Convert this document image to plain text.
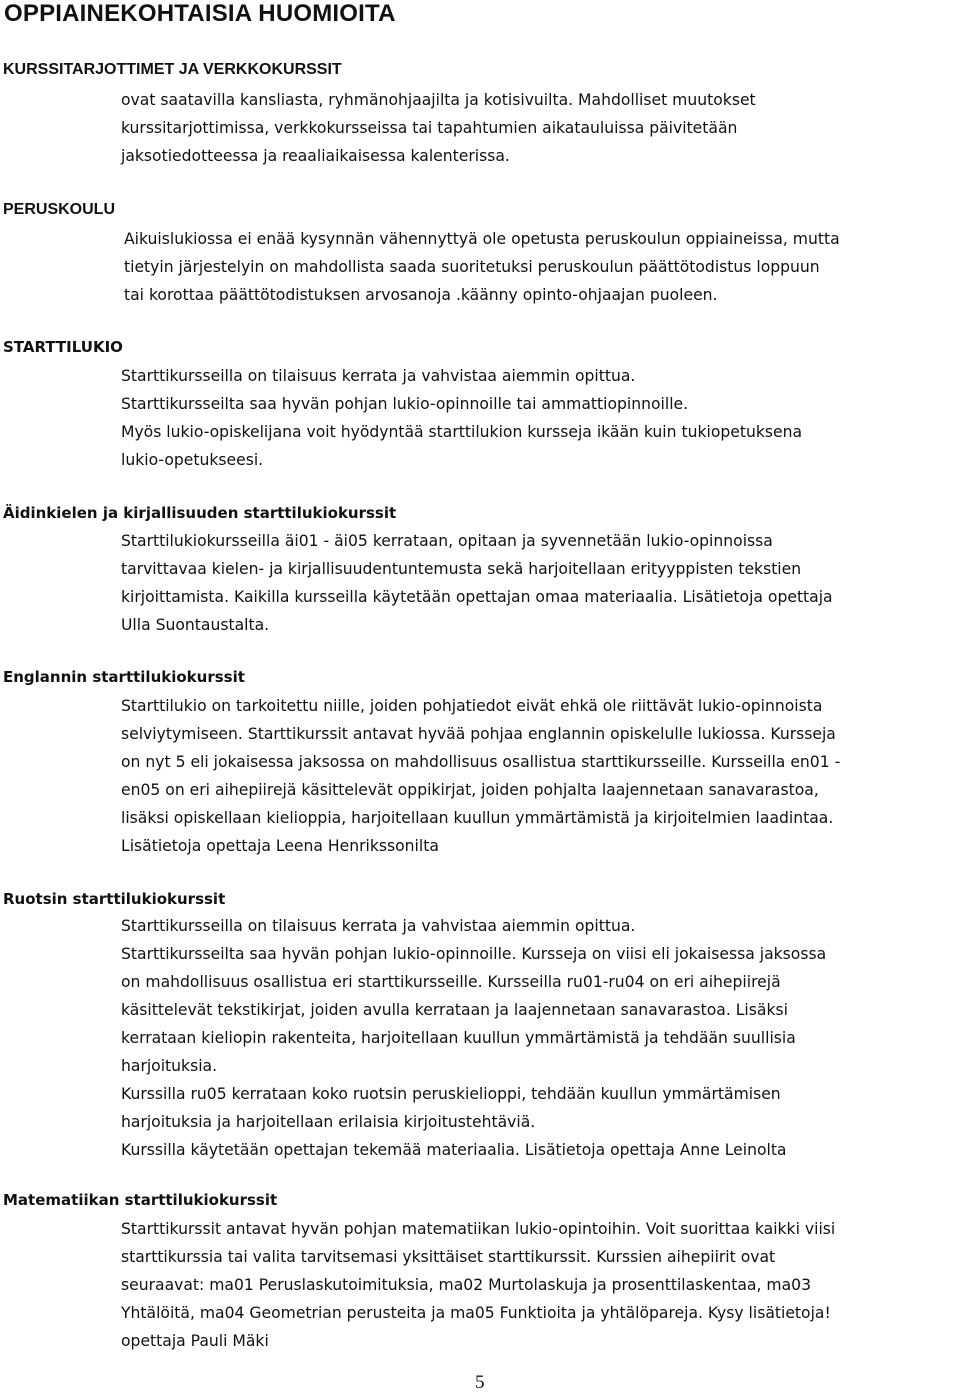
OPPIAINEKOHTAISIA HUOMIOITA
KURSSITARJOTTIMET JA VERKKOKURSSIT

ovat saatavilla kansliasta, ryhmänohjaajilta ja kotisivuilta. Mahdolliset muutokset
kurssitarjottimissa, verkkokursseissa tai tapahtumien aikatauluissa päivitetään
jaksotiedotteessa ja reaaliaikaisessa kalenterissa.

PERUSKOULU

Aikuislukiossa ei enää kysynnän vähennyttyä ole opetusta peruskoulun oppiaineissa, mutta
tietyin järjestelyin on mahdollista saada suoritetuksi peruskoulun päättötodistus loppuun
tai korottaa päättötodistuksen arvosanoja .käänny opinto-ohjaajan puoleen.

STARTTILUKIO

Starttikursseilla on tilaisuus kerrata ja vahvistaa aiemmin opittua.
Starttikursseilta saa hyvän pohjan lukio-opinnoille tai ammattiopinnoille.
Myös lukio-opiskelijana voit hyödyntää starttilukion kursseja ikään kuin tukiopetuksena
lukio-opetukseesi.

Äidinkielen ja kirjallisuuden starttilukiokurssit

Starttilukiokursseilla äi01 - äi05 kerrataan, opitaan ja syvennetään lukio-opinnoissa
tarvittavaa kielen- ja kirjallisuudentuntemusta sekä harjoitellaan erityyppisten tekstien
kirjoittamista. Kaikilla kursseilla käytetään opettajan omaa materiaalia. Lisätietoja opettaja
Ulla Suontaustalta.

Englannin starttilukiokurssit

Starttilukio on tarkoitettu niille, joiden pohjatiedot eivät ehkä ole riittävät lukio-opinnoista
selviytymiseen. Starttikurssit antavat hyvää pohjaa englannin opiskelulle lukiossa. Kursseja
on nyt 5 eli jokaisessa jaksossa on mahdollisuus osallistua starttikursseille. Kursseilla en01 -
en05 on eri aihepiirejä käsittelevät oppikirjat, joiden pohjalta laajennetaan sanavarastoa,
lisäksi opiskellaan kielioppia, harjoitellaan kuullun ymmärtämistä ja kirjoitelmien laadintaa.
Lisätietoja opettaja Leena Henrikssonilta

Ruotsin starttilukiokurssit

Starttikursseilla on tilaisuus kerrata ja vahvistaa aiemmin opittua.
Starttikursseilta saa hyvän pohjan lukio-opinnoille. Kursseja on viisi eli jokaisessa jaksossa
on mahdollisuus osallistua eri starttikursseille. Kursseilla ru01-ru04 on eri aihepiirejä
käsittelevät tekstikirjat, joiden avulla kerrataan ja laajennetaan sanavarastoa. Lisäksi
kerrataan kieliopin rakenteita, harjoitellaan kuullun ymmärtämistä ja tehdään suullisia
harjoituksia.
Kurssilla ru05 kerrataan koko ruotsin peruskielioppi, tehdään kuullun ymmärtämisen
harjoituksia ja harjoitellaan erilaisia kirjoitustehtäviä.
Kurssilla käytetään opettajan tekemää materiaalia. Lisätietoja opettaja Anne Leinolta

Matematiikan starttilukiokurssit

Starttikurssit antavat hyvän pohjan matematiikan lukio-opintoihin. Voit suorittaa kaikki viisi
starttikurssia tai valita tarvitsemasi yksittäiset starttikurssit. Kurssien aihepiirit ovat
seuraavat: ma01 Peruslaskutoimituksia, ma02 Murtolaskuja ja prosenttilaskentaa, ma03
Yhtälöitä, ma04 Geometrian perusteita ja ma05 Funktioita ja yhtälöpareja. Kysy lisätietoja!
opettaja Pauli Mäki

5
